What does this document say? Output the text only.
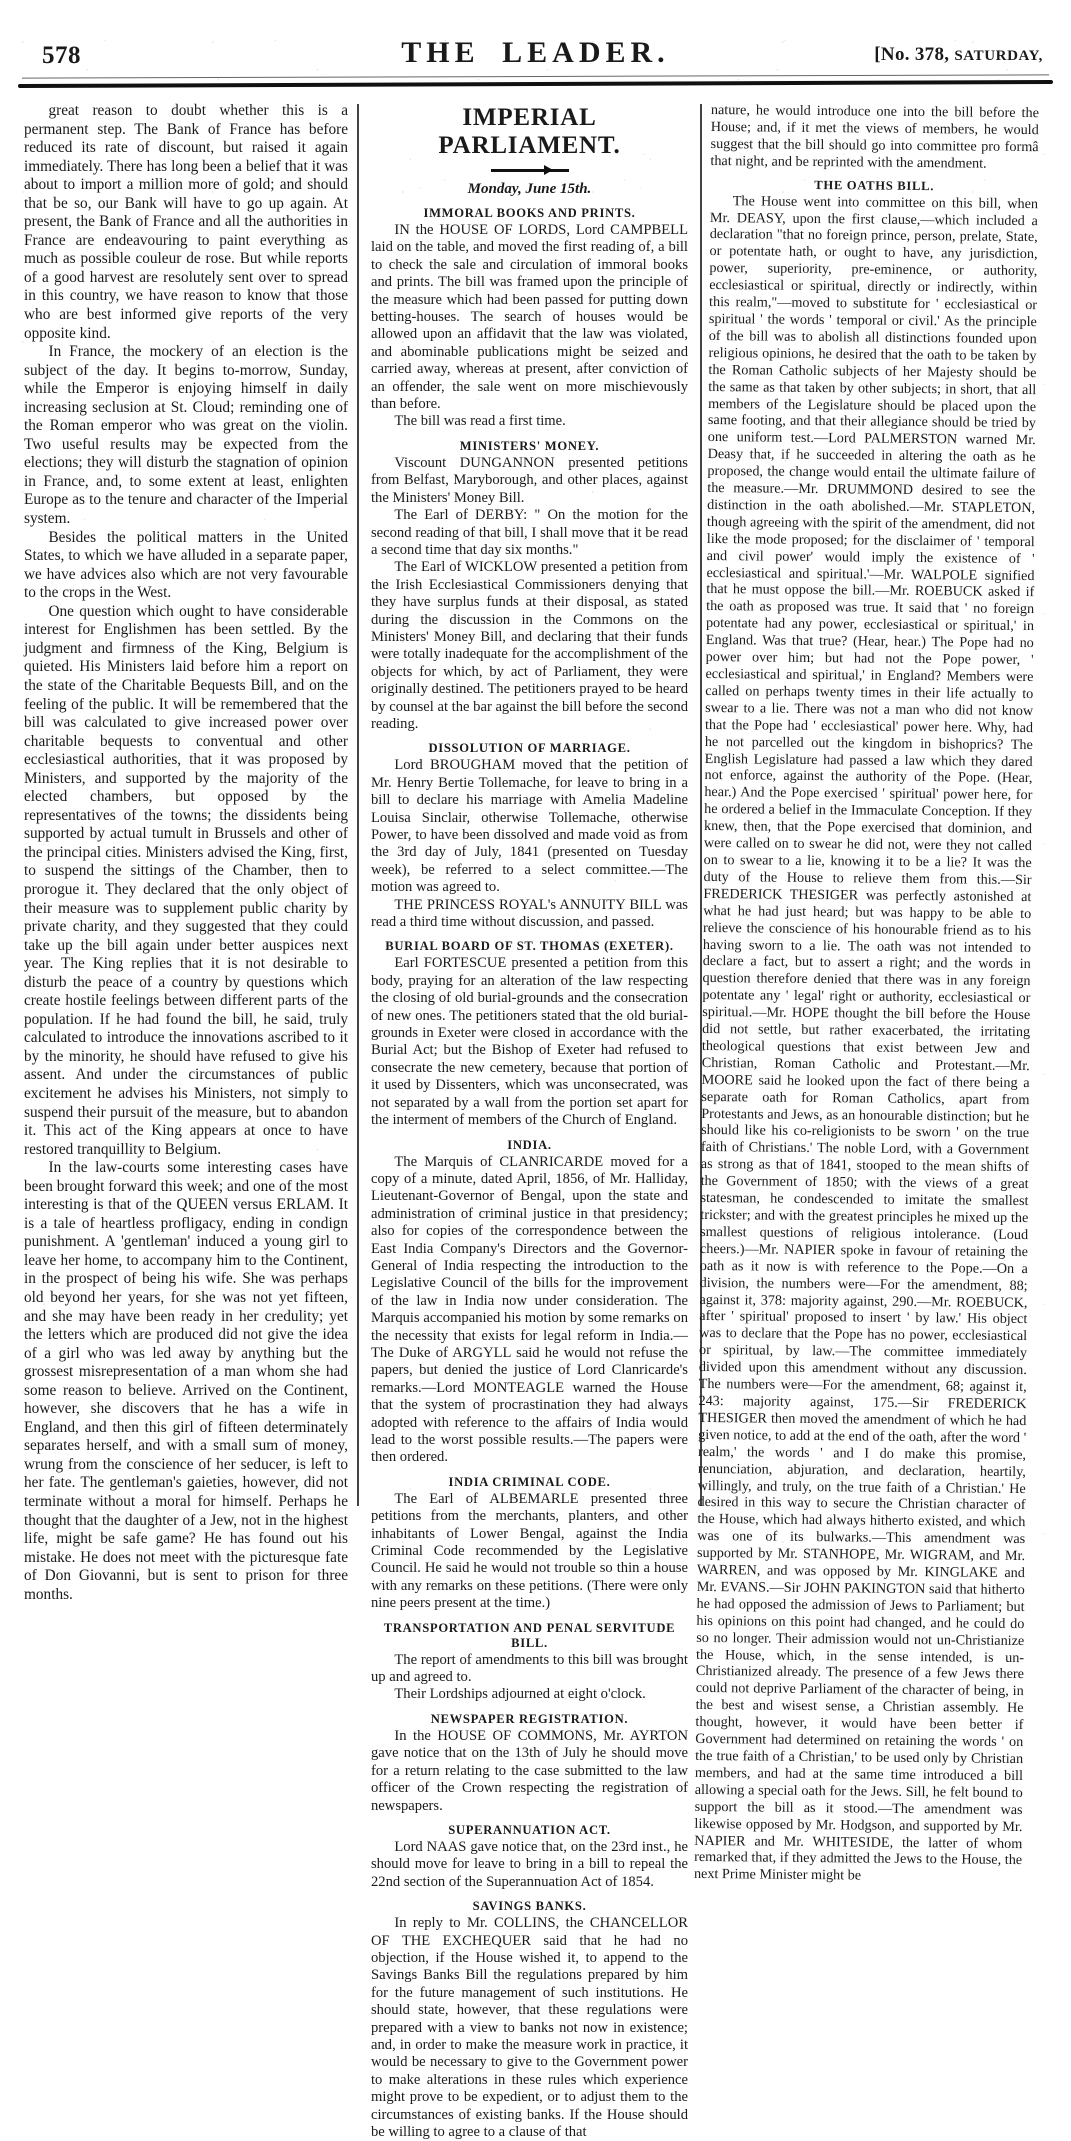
578	THE LEADER.	[No. 378, SATURDAY,

great reason to doubt whether this is a permanent step. The Bank of France has before reduced its rate of discount, but raised it again immediately. There has long been a belief that it was about to import a million more of gold; and should that be so, our Bank will have to go up again. At present, the Bank of France and all the authorities in France are endeavouring to paint everything as much as possible couleur de rose. But while reports of a good harvest are resolutely sent over to spread in this country, we have reason to know that those who are best informed give reports of the very opposite kind.

In France, the mockery of an election is the subject of the day. It begins to-morrow, Sunday, while the Emperor is enjoying himself in daily increasing seclusion at St. Cloud; reminding one of the Roman emperor who was great on the violin. Two useful results may be expected from the elections; they will disturb the stagnation of opinion in France, and, to some extent at least, enlighten Europe as to the tenure and character of the Imperial system.

Besides the political matters in the United States, to which we have alluded in a separate paper, we have advices also which are not very favourable to the crops in the West.

One question which ought to have considerable interest for Englishmen has been settled. By the judgment and firmness of the King, Belgium is quieted. His Ministers laid before him a report on the state of the Charitable Bequests Bill, and on the feeling of the public. It will be remembered that the bill was calculated to give increased power over charitable bequests to conventual and other ecclesiastical authorities, that it was proposed by Ministers, and supported by the majority of the elected chambers, but opposed by the representatives of the towns; the dissidents being supported by actual tumult in Brussels and other of the principal cities. Ministers advised the King, first, to suspend the sittings of the Chamber, then to prorogue it. They declared that the only object of their measure was to supplement public charity by private charity, and they suggested that they could take up the bill again under better auspices next year. The King replies that it is not desirable to disturb the peace of a country by questions which create hostile feelings between different parts of the population. If he had found the bill, he said, truly calculated to introduce the innovations ascribed to it by the minority, he should have refused to give his assent. And under the circumstances of public excitement he advises his Ministers, not simply to suspend their pursuit of the measure, but to abandon it. This act of the King appears at once to have restored tranquillity to Belgium.

In the law-courts some interesting cases have been brought forward this week; and one of the most interesting is that of the QUEEN versus ERLAM. It is a tale of heartless profligacy, ending in condign punishment. A 'gentleman' induced a young girl to leave her home, to accompany him to the Continent, in the prospect of being his wife. She was perhaps old beyond her years, for she was not yet fifteen, and she may have been ready in her credulity; yet the letters which are produced did not give the idea of a girl who was led away by anything but the grossest misrepresentation of a man whom she had some reason to believe. Arrived on the Continent, however, she discovers that he has a wife in England, and then this girl of fifteen determinately separates herself, and with a small sum of money, wrung from the conscience of her seducer, is left to her fate. The gentleman's gaieties, however, did not terminate without a moral for himself. Perhaps he thought that the daughter of a Jew, not in the highest life, might be safe game? He has found out his mistake. He does not meet with the picturesque fate of Don Giovanni, but is sent to prison for three months.

IMPERIAL PARLIAMENT.
Monday, June 15th.
IMMORAL BOOKS AND PRINTS.

IN the HOUSE OF LORDS, Lord CAMPBELL laid on the table, and moved the first reading of, a bill to check the sale and circulation of immoral books and prints. The bill was framed upon the principle of the measure which had been passed for putting down betting-houses. The search of houses would be allowed upon an affidavit that the law was violated, and abominable publications might be seized and carried away, whereas at present, after conviction of an offender, the sale went on more mischievously than before.

The bill was read a first time.

MINISTERS' MONEY.

Viscount DUNGANNON presented petitions from Belfast, Maryborough, and other places, against the Ministers' Money Bill.

The Earl of DERBY: " On the motion for the second reading of that bill, I shall move that it be read a second time that day six months."

The Earl of WICKLOW presented a petition from the Irish Ecclesiastical Commissioners denying that they have surplus funds at their disposal, as stated during the discussion in the Commons on the Ministers' Money Bill, and declaring that their funds were totally inadequate for the accomplishment of the objects for which, by act of Parliament, they were originally destined. The petitioners prayed to be heard by counsel at the bar against the bill before the second reading.

DISSOLUTION OF MARRIAGE.

Lord BROUGHAM moved that the petition of Mr. Henry Bertie Tollemache, for leave to bring in a bill to declare his marriage with Amelia Madeline Louisa Sinclair, otherwise Tollemache, otherwise Power, to have been dissolved and made void as from the 3rd day of July, 1841 (presented on Tuesday week), be referred to a select committee.—The motion was agreed to.

THE PRINCESS ROYAL's ANNUITY BILL was read a third time without discussion, and passed.

BURIAL BOARD OF ST. THOMAS (EXETER).

Earl FORTESCUE presented a petition from this body, praying for an alteration of the law respecting the closing of old burial-grounds and the consecration of new ones. The petitioners stated that the old burial-grounds in Exeter were closed in accordance with the Burial Act; but the Bishop of Exeter had refused to consecrate the new cemetery, because that portion of it used by Dissenters, which was unconsecrated, was not separated by a wall from the portion set apart for the interment of members of the Church of England.

INDIA.

The Marquis of CLANRICARDE moved for a copy of a minute, dated April, 1856, of Mr. Halliday, Lieutenant-Governor of Bengal, upon the state and administration of criminal justice in that presidency; also for copies of the correspondence between the East India Company's Directors and the Governor-General of India respecting the introduction to the Legislative Council of the bills for the improvement of the law in India now under consideration. The Marquis accompanied his motion by some remarks on the necessity that exists for legal reform in India.—The Duke of ARGYLL said he would not refuse the papers, but denied the justice of Lord Clanricarde's remarks.—Lord MONTEAGLE warned the House that the system of procrastination they had always adopted with reference to the affairs of India would lead to the worst possible results.—The papers were then ordered.

INDIA CRIMINAL CODE.

The Earl of ALBEMARLE presented three petitions from the merchants, planters, and other inhabitants of Lower Bengal, against the India Criminal Code recommended by the Legislative Council. He said he would not trouble so thin a house with any remarks on these petitions. (There were only nine peers present at the time.)

TRANSPORTATION AND PENAL SERVITUDE BILL.

The report of amendments to this bill was brought up and agreed to.

Their Lordships adjourned at eight o'clock.

NEWSPAPER REGISTRATION.

In the HOUSE OF COMMONS, Mr. AYRTON gave notice that on the 13th of July he should move for a return relating to the case submitted to the law officer of the Crown respecting the registration of newspapers.

SUPERANNUATION ACT.

Lord NAAS gave notice that, on the 23rd inst., he should move for leave to bring in a bill to repeal the 22nd section of the Superannuation Act of 1854.

SAVINGS BANKS.

In reply to Mr. COLLINS, the CHANCELLOR OF THE EXCHEQUER said that he had no objection, if the House wished it, to append to the Savings Banks Bill the regulations prepared by him for the future management of such institutions. He should state, however, that these regulations were prepared with a view to banks not now in existence; and, in order to make the measure work in practice, it would be necessary to give to the Government power to make alterations in these rules which experience might prove to be expedient, or to adjust them to the circumstances of existing banks. If the House should be willing to agree to a clause of that

nature, he would introduce one into the bill before the House; and, if it met the views of members, he would suggest that the bill should go into committee pro formâ that night, and be reprinted with the amendment.

THE OATHS BILL.

The House went into committee on this bill, when Mr. DEASY, upon the first clause,—which included a declaration "that no foreign prince, person, prelate, State, or potentate hath, or ought to have, any jurisdiction, power, superiority, pre-eminence, or authority, ecclesiastical or spiritual, directly or indirectly, within this realm,"—moved to substitute for ' ecclesiastical or spiritual ' the words ' temporal or civil.' As the principle of the bill was to abolish all distinctions founded upon religious opinions, he desired that the oath to be taken by the Roman Catholic subjects of her Majesty should be the same as that taken by other subjects; in short, that all members of the Legislature should be placed upon the same footing, and that their allegiance should be tried by one uniform test.—Lord PALMERSTON warned Mr. Deasy that, if he succeeded in altering the oath as he proposed, the change would entail the ultimate failure of the measure.—Mr. DRUMMOND desired to see the distinction in the oath abolished.—Mr. STAPLETON, though agreeing with the spirit of the amendment, did not like the mode proposed; for the disclaimer of ' temporal and civil power' would imply the existence of ' ecclesiastical and spiritual.'—Mr. WALPOLE signified that he must oppose the bill.—Mr. ROEBUCK asked if the oath as proposed was true. It said that ' no foreign potentate had any power, ecclesiastical or spiritual,' in England. Was that true? (Hear, hear.) The Pope had no power over him; but had not the Pope power, ' ecclesiastical and spiritual,' in England? Members were called on perhaps twenty times in their life actually to swear to a lie. There was not a man who did not know that the Pope had ' ecclesiastical' power here. Why, had he not parcelled out the kingdom in bishoprics? The English Legislature had passed a law which they dared not enforce, against the authority of the Pope. (Hear, hear.) And the Pope exercised ' spiritual' power here, for he ordered a belief in the Immaculate Conception. If they knew, then, that the Pope exercised that dominion, and were called on to swear he did not, were they not called on to swear to a lie, knowing it to be a lie? It was the duty of the House to relieve them from this.—Sir FREDERICK THESIGER was perfectly astonished at what he had just heard; but was happy to be able to relieve the conscience of his honourable friend as to his having sworn to a lie. The oath was not intended to declare a fact, but to assert a right; and the words in question therefore denied that there was in any foreign potentate any ' legal' right or authority, ecclesiastical or spiritual.—Mr. HOPE thought the bill before the House did not settle, but rather exacerbated, the irritating theological questions that exist between Jew and Christian, Roman Catholic and Protestant.—Mr. MOORE said he looked upon the fact of there being a separate oath for Roman Catholics, apart from Protestants and Jews, as an honourable distinction; but he should like his co-religionists to be sworn ' on the true faith of Christians.' The noble Lord, with a Government as strong as that of 1841, stooped to the mean shifts of the Government of 1850; with the views of a great statesman, he condescended to imitate the smallest trickster; and with the greatest principles he mixed up the smallest questions of religious intolerance. (Loud cheers.)—Mr. NAPIER spoke in favour of retaining the oath as it now is with reference to the Pope.—On a division, the numbers were—For the amendment, 88; against it, 378: majority against, 290.—Mr. ROEBUCK, after ' spiritual' proposed to insert ' by law.' His object was to declare that the Pope has no power, ecclesiastical or spiritual, by law.—The committee immediately divided upon this amendment without any discussion. The numbers were—For the amendment, 68; against it, 243: majority against, 175.—Sir FREDERICK THESIGER then moved the amendment of which he had given notice, to add at the end of the oath, after the word ' realm,' the words ' and I do make this promise, renunciation, abjuration, and declaration, heartily, willingly, and truly, on the true faith of a Christian.' He desired in this way to secure the Christian character of the House, which had always hitherto existed, and which was one of its bulwarks.—This amendment was supported by Mr. STANHOPE, Mr. WIGRAM, and Mr. WARREN, and was opposed by Mr. KINGLAKE and Mr. EVANS.—Sir JOHN PAKINGTON said that hitherto he had opposed the admission of Jews to Parliament; but his opinions on this point had changed, and he could do so no longer. Their admission would not un-Christianize the House, which, in the sense intended, is un-Christianized already. The presence of a few Jews there could not deprive Parliament of the character of being, in the best and wisest sense, a Christian assembly. He thought, however, it would have been better if Government had determined on retaining the words ' on the true faith of a Christian,' to be used only by Christian members, and had at the same time introduced a bill allowing a special oath for the Jews. Sill, he felt bound to support the bill as it stood.—The amendment was likewise opposed by Mr. Hodgson, and supported by Mr. NAPIER and Mr. WHITESIDE, the latter of whom remarked that, if they admitted the Jews to the House, the next Prime Minister might be
